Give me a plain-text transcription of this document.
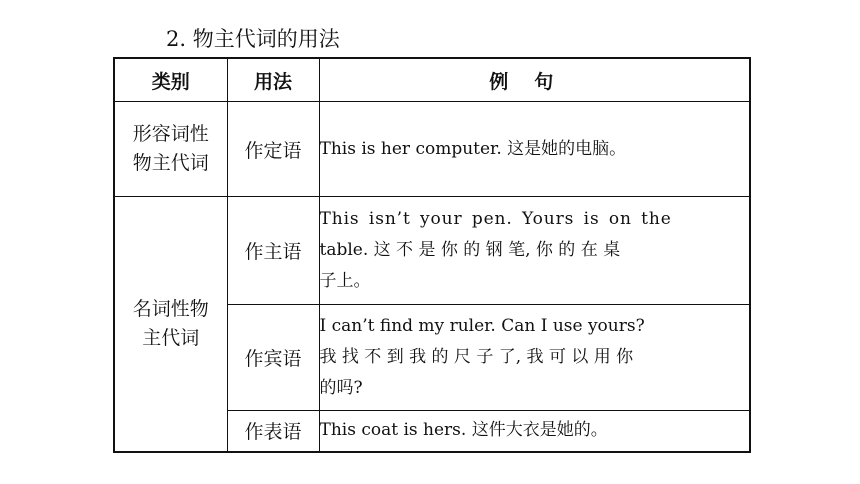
2. 物主代词的用法
类别	用法	例句

形容词性
物主代词	作定语	This is her computer. 这是她的电脑。

名词性物
主代词	作主语	This isn’t your pen. Yours is on the
table. 这 不 是 你 的 钢 笔, 你 的 在 桌
子上。

	作宾语	I can’t find my ruler. Can I use yours?
我 找 不 到 我 的 尺 子 了, 我 可 以 用 你
的吗?

	作表语	This coat is hers. 这件大衣是她的。
